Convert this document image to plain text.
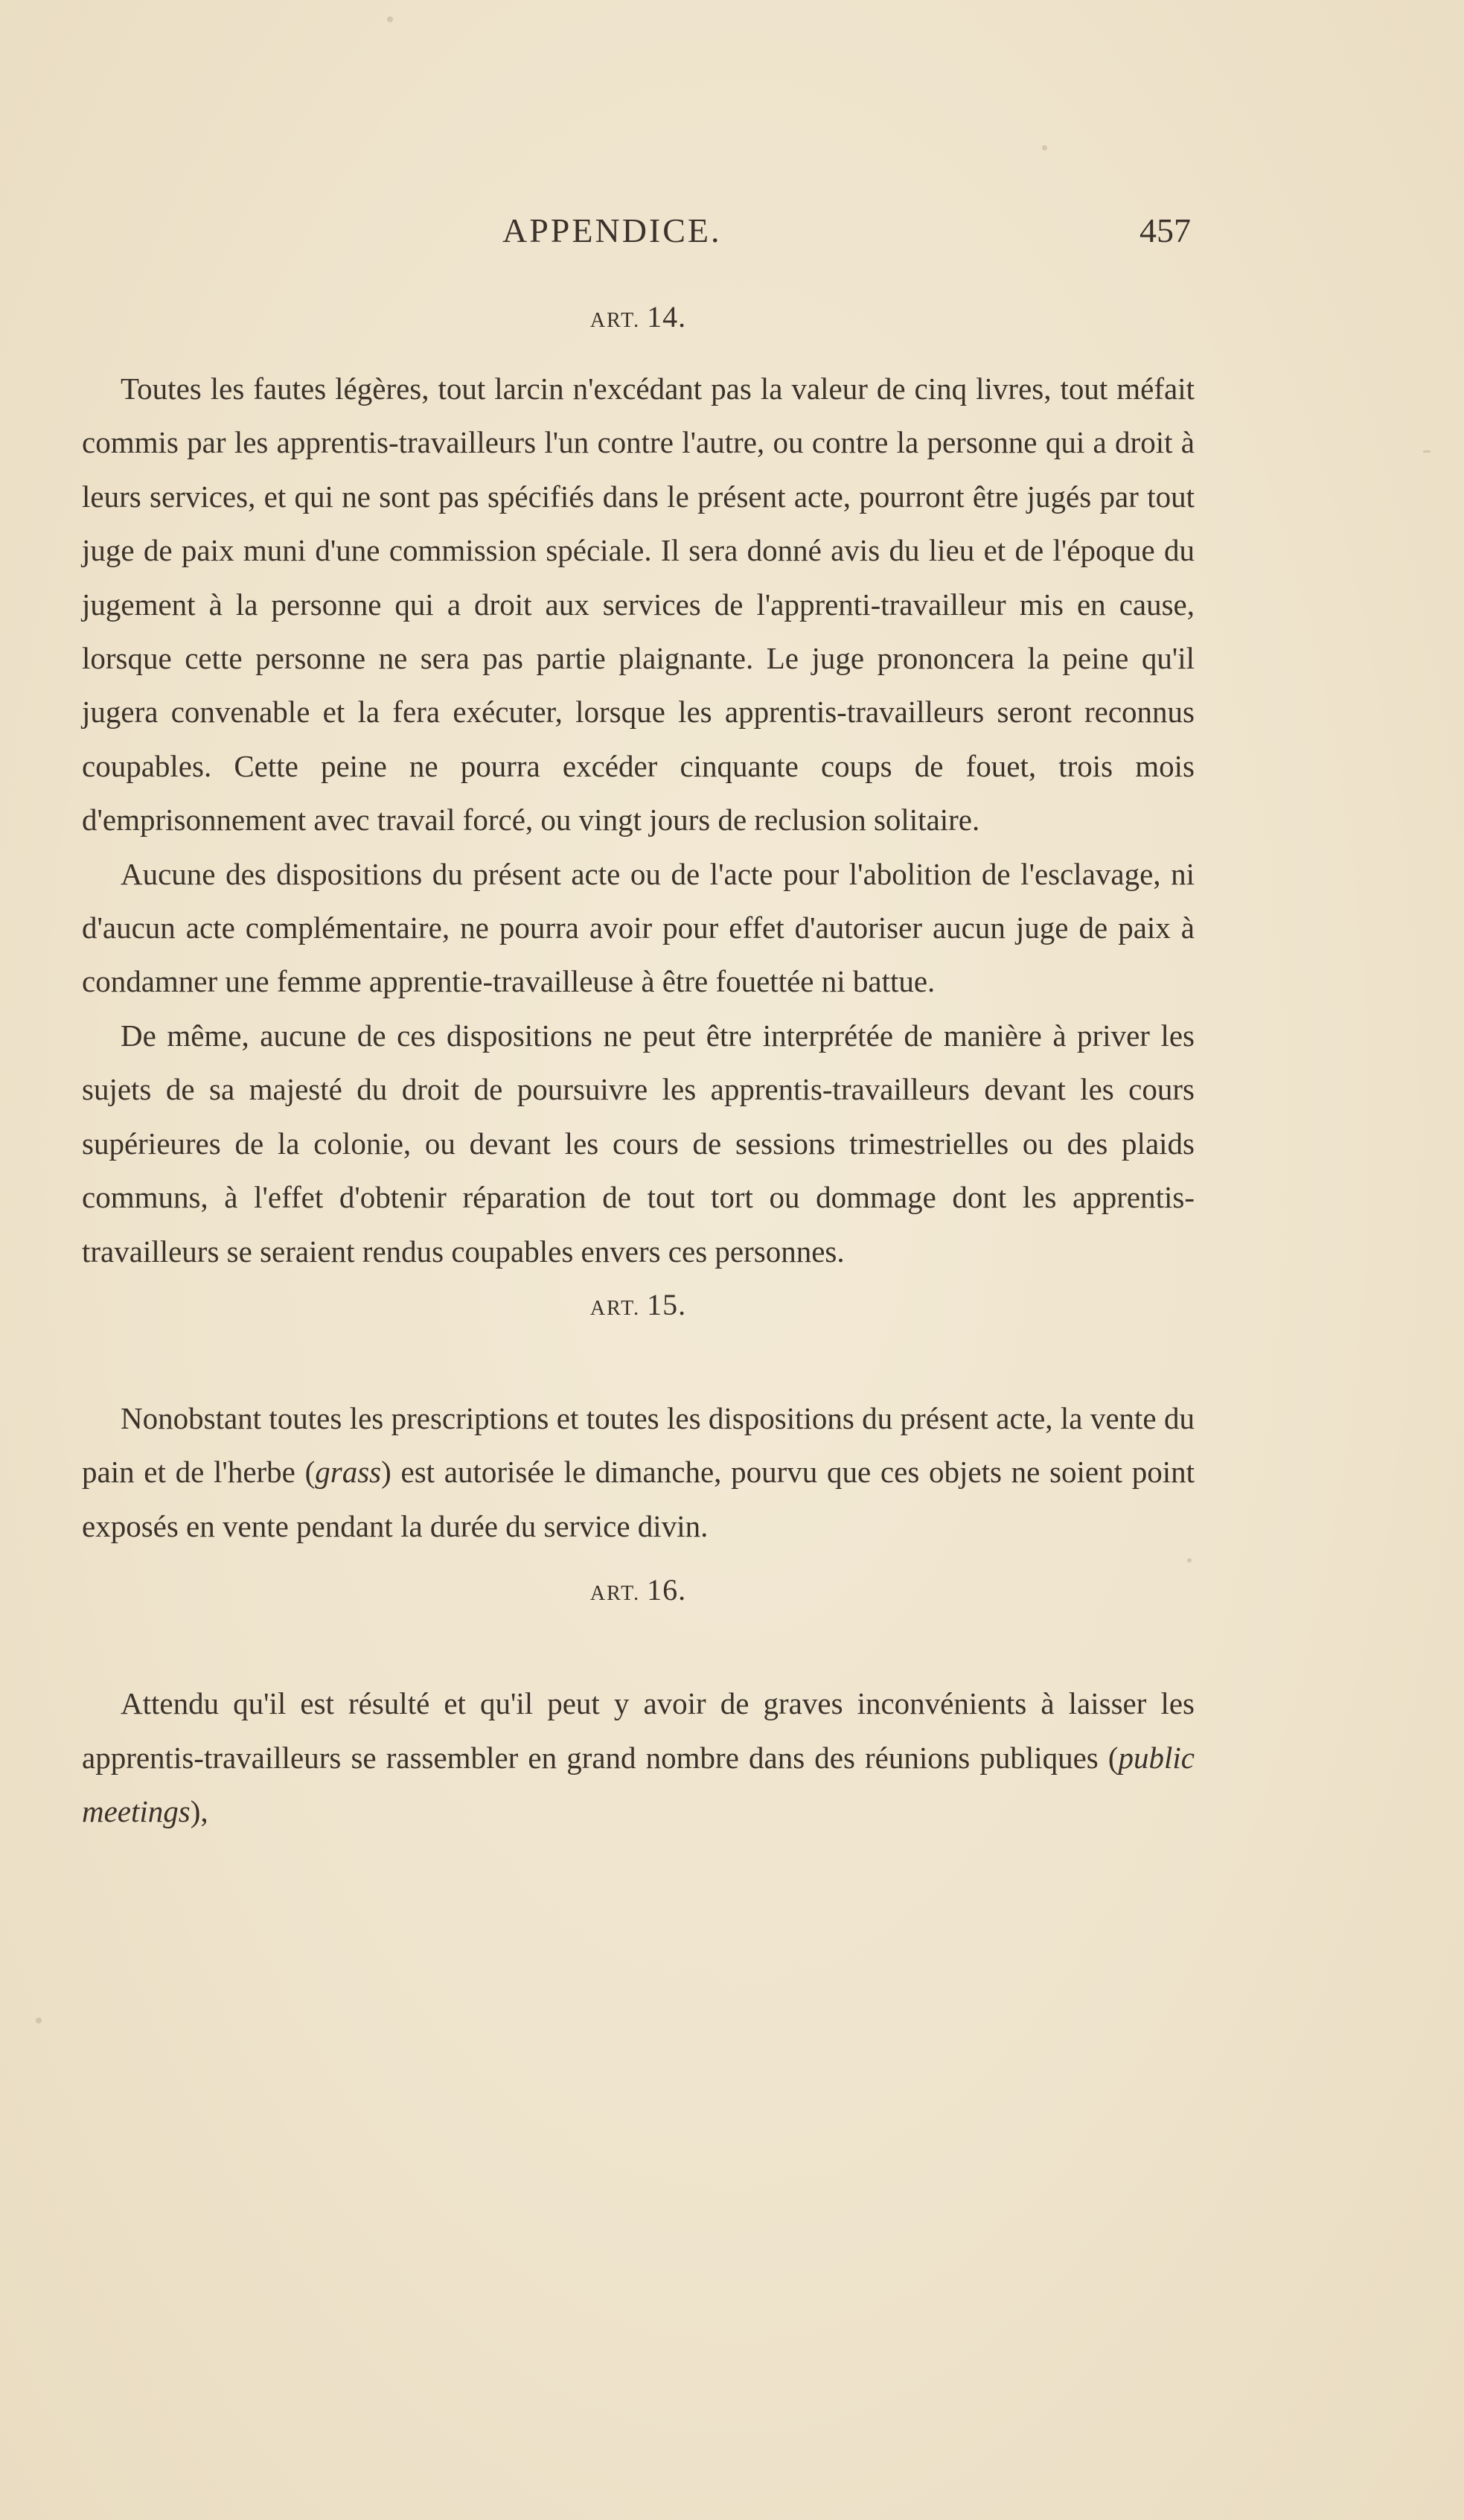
APPENDICE.	457
ART. 14.

Toutes les fautes légères, tout larcin n'excédant pas la valeur de cinq livres, tout méfait commis par les apprentis-travailleurs l'un contre l'autre, ou contre la personne qui a droit à leurs services, et qui ne sont pas spécifiés dans le présent acte, pourront être jugés par tout juge de paix muni d'une commission spéciale. Il sera donné avis du lieu et de l'époque du jugement à la personne qui a droit aux services de l'apprenti-travailleur mis en cause, lorsque cette personne ne sera pas partie plaignante. Le juge prononcera la peine qu'il jugera convenable et la fera exécuter, lorsque les apprentis-travailleurs seront reconnus coupables. Cette peine ne pourra excéder cinquante coups de fouet, trois mois d'emprisonnement avec travail forcé, ou vingt jours de reclusion solitaire.

Aucune des dispositions du présent acte ou de l'acte pour l'abolition de l'esclavage, ni d'aucun acte complémentaire, ne pourra avoir pour effet d'autoriser aucun juge de paix à condamner une femme apprentie-travailleuse à être fouettée ni battue.

De même, aucune de ces dispositions ne peut être interprétée de manière à priver les sujets de sa majesté du droit de poursuivre les apprentis-travailleurs devant les cours supérieures de la colonie, ou devant les cours de sessions trimestrielles ou des plaids communs, à l'effet d'obtenir réparation de tout tort ou dommage dont les apprentis-travailleurs se seraient rendus coupables envers ces personnes.

ART. 15.

Nonobstant toutes les prescriptions et toutes les dispositions du présent acte, la vente du pain et de l'herbe (grass) est autorisée le dimanche, pourvu que ces objets ne soient point exposés en vente pendant la durée du service divin.

ART. 16.

Attendu qu'il est résulté et qu'il peut y avoir de graves inconvénients à laisser les apprentis-travailleurs se rassembler en grand nombre dans des réunions publiques (public meetings),
